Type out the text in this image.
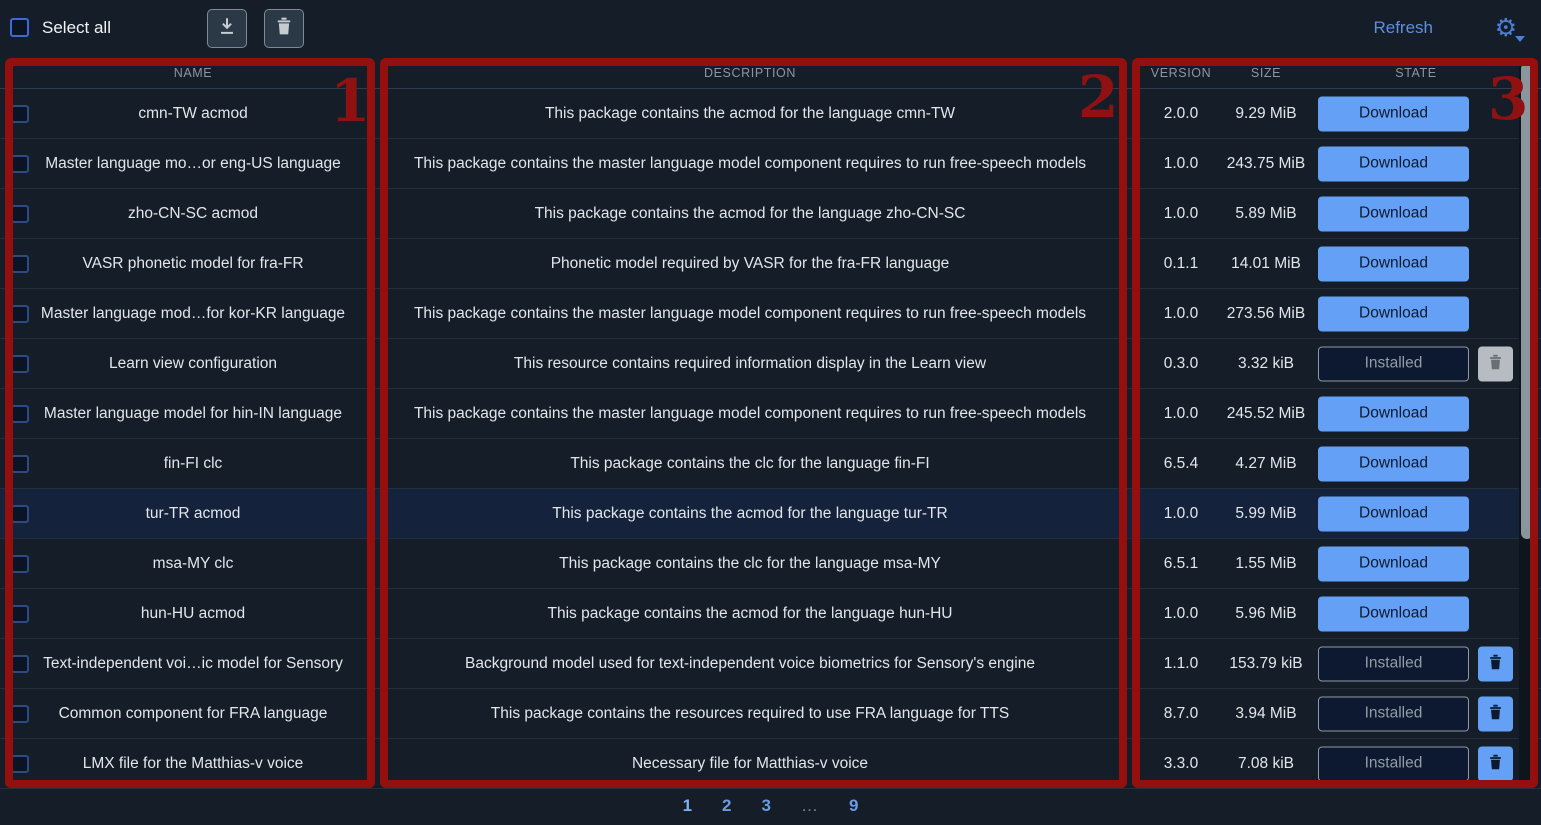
Select all	Refresh ⚙
NAME	DESCRIPTION	VERSION	SIZE	STATE
cmn-TW acmod	This package contains the acmod for the language cmn-TW	2.0.0	9.29 MiB	Download
Master language mo…or eng-US language	This package contains the master language model component requires to run free-speech models	1.0.0	243.75 MiB	Download
zho-CN-SC acmod	This package contains the acmod for the language zho-CN-SC	1.0.0	5.89 MiB	Download
VASR phonetic model for fra-FR	Phonetic model required by VASR for the fra-FR language	0.1.1	14.01 MiB	Download
Master language mod…for kor-KR language	This package contains the master language model component requires to run free-speech models	1.0.0	273.56 MiB	Download
Learn view configuration	This resource contains required information display in the Learn view	0.3.0	3.32 kiB	Installed
Master language model for hin-IN language	This package contains the master language model component requires to run free-speech models	1.0.0	245.52 MiB	Download
fin-FI clc	This package contains the clc for the language fin-FI	6.5.4	4.27 MiB	Download
tur-TR acmod	This package contains the acmod for the language tur-TR	1.0.0	5.99 MiB	Download
msa-MY clc	This package contains the clc for the language msa-MY	6.5.1	1.55 MiB	Download
hun-HU acmod	This package contains the acmod for the language hun-HU	1.0.0	5.96 MiB	Download
Text-independent voi…ic model for Sensory	Background model used for text-independent voice biometrics for Sensory's engine	1.1.0	153.79 kiB	Installed
Common component for FRA language	This package contains the resources required to use FRA language for TTS	8.7.0	3.94 MiB	Installed
LMX file for the Matthias-v voice	Necessary file for Matthias-v voice	3.3.0	7.08 kiB	Installed
1 2 3 … 9
1	2	3
